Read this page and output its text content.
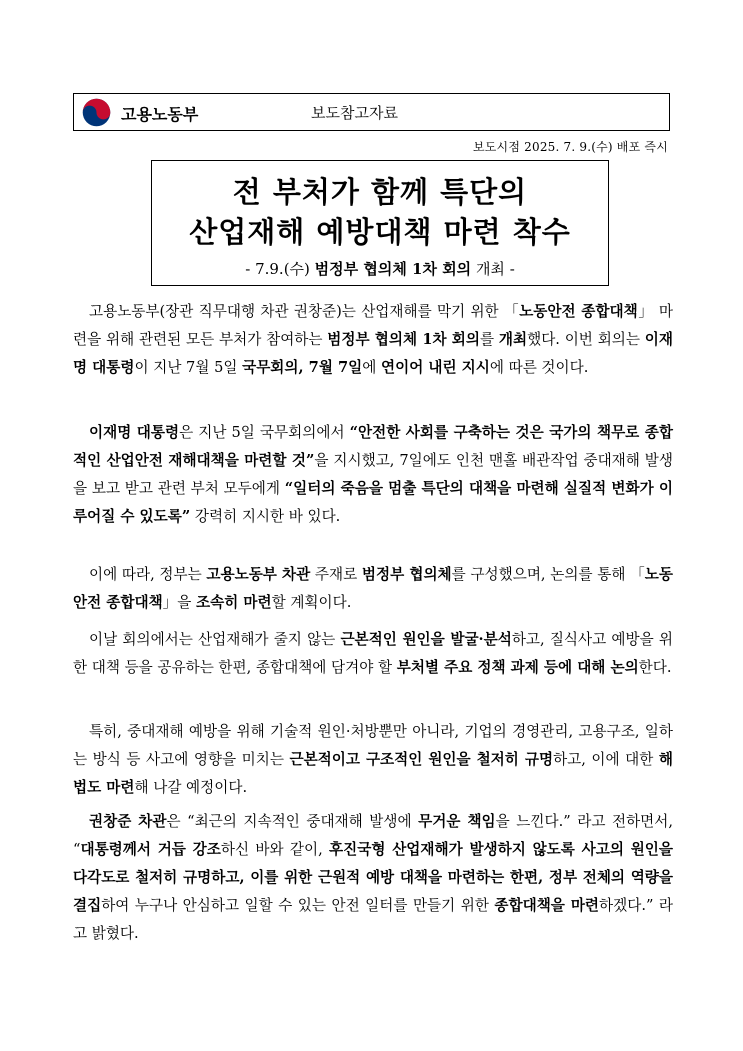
고용노동부	보도참고자료
보도시점 2025. 7. 9.(수) 배포 즉시
전 부처가 함께 특단의
산업재해 예방대책 마련 착수
- 7.9.(수) 범정부 협의체 1차 회의 개최 -

고용노동부(장관 직무대행 차관 권창준)는 산업재해를 막기 위한 「노동안전 종합대책」 마련을 위해 관련된 모든 부처가 참여하는 범정부 협의체 1차 회의를 개최했다. 이번 회의는 이재명 대통령이 지난 7월 5일 국무회의, 7월 7일에 연이어 내린 지시에 따른 것이다.

이재명 대통령은 지난 5일 국무회의에서 “안전한 사회를 구축하는 것은 국가의 책무로 종합적인 산업안전 재해대책을 마련할 것”을 지시했고, 7일에도 인천 맨홀 배관작업 중대재해 발생을 보고 받고 관련 부처 모두에게 “일터의 죽음을 멈출 특단의 대책을 마련해 실질적 변화가 이루어질 수 있도록” 강력히 지시한 바 있다.

이에 따라, 정부는 고용노동부 차관 주재로 범정부 협의체를 구성했으며, 논의를 통해 「노동안전 종합대책」을 조속히 마련할 계획이다.

이날 회의에서는 산업재해가 줄지 않는 근본적인 원인을 발굴·분석하고, 질식사고 예방을 위한 대책 등을 공유하는 한편, 종합대책에 담겨야 할 부처별 주요 정책 과제 등에 대해 논의한다.

특히, 중대재해 예방을 위해 기술적 원인·처방뿐만 아니라, 기업의 경영관리, 고용구조, 일하는 방식 등 사고에 영향을 미치는 근본적이고 구조적인 원인을 철저히 규명하고, 이에 대한 해법도 마련해 나갈 예정이다.

권창준 차관은 “최근의 지속적인 중대재해 발생에 무거운 책임을 느낀다.” 라고 전하면서, “대통령께서 거듭 강조하신 바와 같이, 후진국형 산업재해가 발생하지 않도록 사고의 원인을 다각도로 철저히 규명하고, 이를 위한 근원적 예방 대책을 마련하는 한편, 정부 전체의 역량을 결집하여 누구나 안심하고 일할 수 있는 안전 일터를 만들기 위한 종합대책을 마련하겠다.” 라고 밝혔다.
